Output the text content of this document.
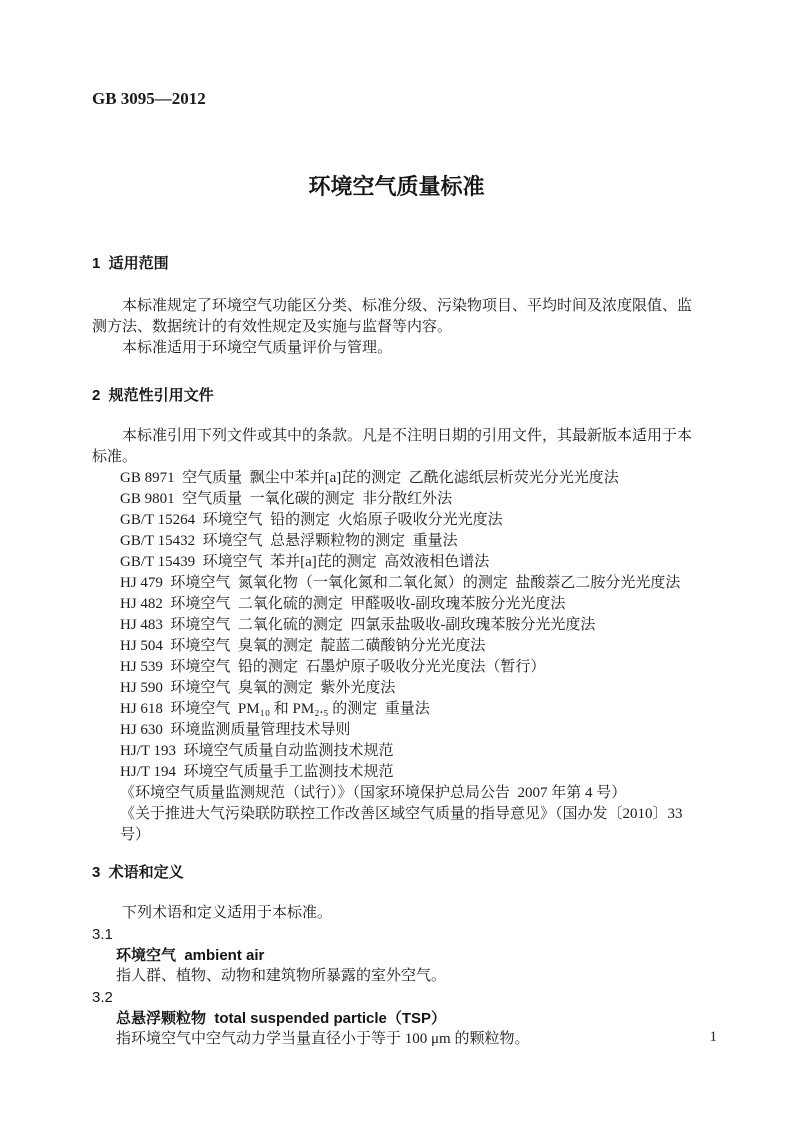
GB 3095—2012
环境空气质量标准
1  适用范围

本标准规定了环境空气功能区分类、标准分级、污染物项目、平均时间及浓度限值、监测方法、数据统计的有效性规定及实施与监督等内容。

本标准适用于环境空气质量评价与管理。

2  规范性引用文件

本标准引用下列文件或其中的条款。凡是不注明日期的引用文件，其最新版本适用于本标准。

GB 8971  空气质量  飘尘中苯并[a]芘的测定  乙酰化滤纸层析荧光分光光度法
GB 9801  空气质量  一氧化碳的测定  非分散红外法
GB/T 15264  环境空气  铅的测定  火焰原子吸收分光光度法
GB/T 15432  环境空气  总悬浮颗粒物的测定  重量法
GB/T 15439  环境空气  苯并[a]芘的测定  高效液相色谱法
HJ 479  环境空气  氮氧化物（一氧化氮和二氧化氮）的测定  盐酸萘乙二胺分光光度法
HJ 482  环境空气  二氧化硫的测定  甲醛吸收-副玫瑰苯胺分光光度法
HJ 483  环境空气  二氧化硫的测定  四氯汞盐吸收-副玫瑰苯胺分光光度法
HJ 504  环境空气  臭氧的测定  靛蓝二磺酸钠分光光度法
HJ 539  环境空气  铅的测定  石墨炉原子吸收分光光度法（暂行）
HJ 590  环境空气  臭氧的测定  紫外光度法
HJ 618  环境空气  PM₁₀ 和 PM₂.₅ 的测定  重量法
HJ 630  环境监测质量管理技术导则
HJ/T 193  环境空气质量自动监测技术规范
HJ/T 194  环境空气质量手工监测技术规范
《环境空气质量监测规范（试行）》（国家环境保护总局公告  2007 年第 4 号）
《关于推进大气污染联防联控工作改善区域空气质量的指导意见》（国办发〔2010〕33 号）
3  术语和定义

下列术语和定义适用于本标准。

3.1
环境空气  ambient air
指人群、植物、动物和建筑物所暴露的室外空气。
3.2
总悬浮颗粒物  total suspended particle（TSP）
指环境空气中空气动力学当量直径小于等于 100 μm 的颗粒物。	1
